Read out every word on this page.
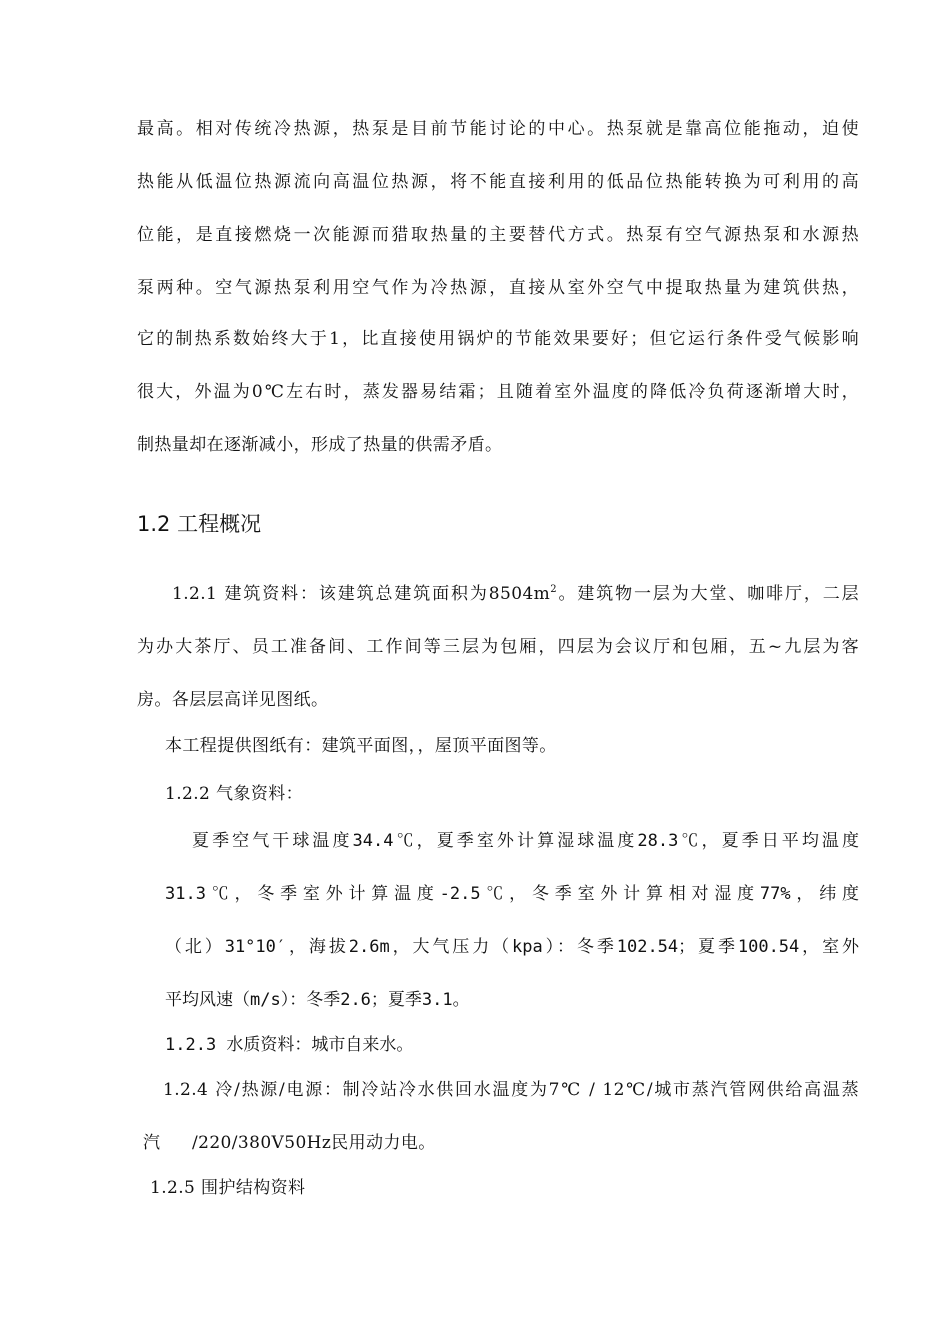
最高。相对传统冷热源，热泵是目前节能讨论的中心。热泵就是靠高位能拖动，迫使
热能从低温位热源流向高温位热源，将不能直接利用的低品位热能转换为可利用的高
位能，是直接燃烧一次能源而猎取热量的主要替代方式。热泵有空气源热泵和水源热
泵两种。空气源热泵利用空气作为冷热源，直接从室外空气中提取热量为建筑供热，
它的制热系数始终大于1，比直接使用锅炉的节能效果要好；但它运行条件受气候影响
很大，外温为0℃左右时，蒸发器易结霜；且随着室外温度的降低冷负荷逐渐增大时，
制热量却在逐渐减小，形成了热量的供需矛盾。
1.2 工程概况
1.2.1 建筑资料：该建筑总建筑面积为$8504m^2$。建筑物一层为大堂、咖啡厅，二层
为办大茶厅、员工准备间、工作间等三层为包厢，四层为会议厅和包厢，五~九层为客
房。各层层高详见图纸。
本工程提供图纸有：建筑平面图，，屋顶平面图等。
1.2.2 气象资料：
夏季空气干球温度34.4℃，夏季室外计算湿球温度28.3℃，夏季日平均温度
31.3℃，冬季室外计算温度-2.5℃，冬季室外计算相对湿度77%，纬度
（北）31°10′，海拔2.6m，大气压力（kpa）：冬季102.54；夏季100.54，室外
平均风速（m/s）：冬季2.6；夏季3.1。
1.2.3 水质资料：城市自来水。
1.2.4 冷/热源/电源：制冷站冷水供回水温度为7℃ / 12℃/城市蒸汽管网供给高温蒸
汽 /220/380V50Hz民用动力电。
1.2.5 围护结构资料
